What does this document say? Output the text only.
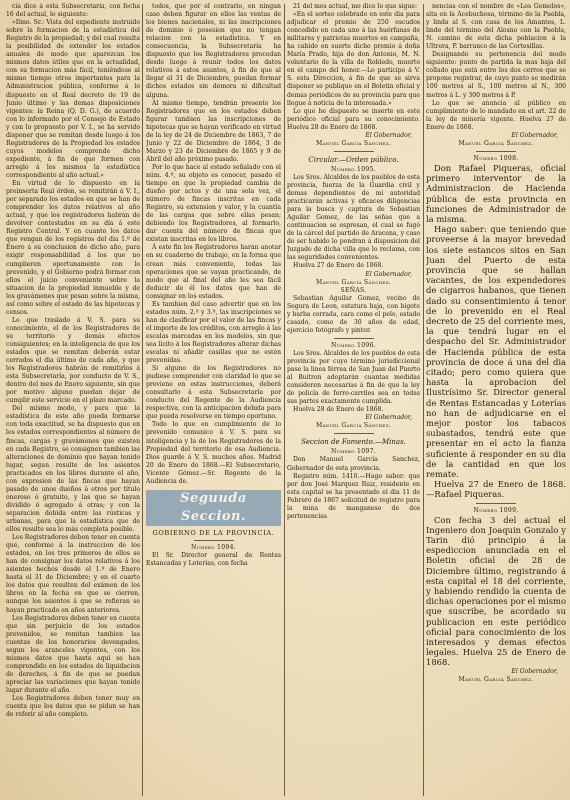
cia dice á esta Subsecretaría, con fecha 16 del actual, lo siguiente:

«Ilmo. Sr.: Vista del expediente instruido sobre la formacion de la estadística del Registro de la propiedad; y del cual resulta la posibilidad de extender los estados anuales de modo que aparezcan los mismos datos útiles que en la actualidad, con su formacion más fácil, teniéndose al mismo tiempo otros importantes para la Administracion pública, conforme á lo dispuesto en el Real decreto de 19 de Junio último y las demas disposiciones vigentes: la Reina (Q. D. G.), de acuerdo con lo informado por el Consejo de Estado y con lo propuesto por V. I., se ha servido disponer que se remitan desde luego á los Registradores de la Propiedad los estados cuyos modelos comprende dicho expediente, á fin de que formen con arreglo á los mismos la estadística correspondiente al año actual.»

En virtud de lo dispuesto en la preinserta Real órden, se remitirán á V. I., por separado los estados en que se han de comprender los datos relativos al año actual, y que los registradores habrán de devolver contestados en su día á este Registro Central. Y en cuanto los datos que vengan de los registros del dia 1.º de Enero á su conclusion de dicho año, para exigir responsabilidad á los que no cumplieren oportunamente con lo prevenido, y el Gobierno podrá formar con ellos el juicio conveniente sobre la situacion de la propiedad inmueble y de los gravámenes que pesan sobre la misma, así como sobre el estado de las hipotecas y censos.

Lo que traslado á V. S. para su conocimiento, el de los Registradores de su territorio y demás efectos consiguientes; en la inteligencia de que los estados que se remitan deberán estar cerrados el dia último de cada año, y que los Registradores habrán de remitirlos á esta Subsecretaría, por conducto de V. S., dentro del mes de Enero siguiente, sin que por motivo alguno puedan dejar de cumplir este servicio en el plazo marcado.

Del mismo modo, y para que la estadística de este año pueda formarse con toda exactitud, se ha dispuesto que en los estados correspondientes al número de fincas, cargas y gravámenes que existen en cada Registro, se consignen tambien las alteraciones de dominio que hayan tenido lugar, segun resulte de los asientos practicados en los libros durante el año, con expresion de las fincas que hayan pasado de unos dueños á otros por título oneroso ó gratuito, y las que se hayan dividido ó agregado á otras; y con la separacion debida entre las rústicas y urbanas, para que la estadística que de ellos resulte sea lo más completa posible.

Los Registradores deben tener en cuenta que, conforme á la instruccion de los estados, en los tres primeros de ellos se han de consignar los datos relativos á los asientos hechos desde el 1.º de Enero hasta el 31 de Diciembre; y en el cuarto los datos que resulten del exámen de los libros en la fecha en que se cierren, aunque los asientos á que se refieran se hayan practicado en años anteriores.

Los Registradores deben tener en cuenta que sin perjuicio de los estados prevenidos, se remitan tambien las cuentas de los honorarios devengados, segun los aranceles vigentes, con los mismos datos que hasta aquí se han comprendido en los estados de liquidacion de derechos, á fin de que se puedan apreciar las variaciones que hayan tenido lugar durante el año.

Los Registradores deben tener muy en cuenta que los datos que se pidan se han de referir al año completo.

todos, que por el contrario, en ningun caso deben figurar en ellos las ventas de los bienes nacionales, ni las inscripciones de dominio ó posesion que no tengan relacion con la estadística. Y en consecuencia, la Subsecretaría ha dispuesto que los Registradores procedan desde luego á reunir todos los datos relativos á estos asuntos, á fin de que al llegar el 31 de Diciembre, puedan formar dichos estados sin demora ni dificultad alguna.

Al mismo tiempo, tendrán presente los Registradores que en los estados deben figurar tambien las inscripciones de hipotecas que se hayan verificado en virtud de la ley de 24 de Diciembre de 1863, 7 de Junio y 22 de Diciembre de 1864, 3 de Marzo y 23 de Diciembre de 1865 y 9 de Abril del año próximo pasado.

Por lo que hace al estado señalado con el núm. 4.º, su objeto es conocer, pasado el tiempo en que la propiedad cambia de dueño por actos y de una sola vez, el número de fincas inscritas en cada Registro, su extension y valor, y la cuantía de las cargas que sobre ellas pesan; debiendo los Registradores, al formarlo, dar cuenta del número de fincas que existan inscritas en los libros.

Á este fin los Registradores harán anotar en su cuaderno de trabajo, en la forma que crean más conveniente, todas las operaciones que se vayan practicando, de modo que al final del año les sea fácil deducir de él los datos que han de consignar en los estados.

Es tambien del caso advertir que en los estados núm. 2.º y 3.º, las inscripciones se han de clasificar por el valor de las fincas y el importe de los créditos, con arreglo á las escalas marcadas en los modelos, sin que sea lícito á los Registradores alterar dichas escalas ni añadir casillas que no estén prevenidas.

Si alguno de los Registradores no pudiese comprender con claridad lo que se previene en estas instrucciones, deberá consultarlo á esta Subsecretaría por conducto del Regente de la Audiencia respectiva, con la anticipacion debida para que pueda resolverse en tiempo oportuno.

Todo lo que en cumplimiento de lo prevenido comunico á V. S. para su inteligencia y la de los Registradores de la Propiedad del territorio de esa Audiencia. Dios guarde á V. S. muchos años. Madrid 20 de Enero de 1868.—El Subsecretario, Vicente Gómez.—Sr. Regente de la Audiencia de.

Seguuda Seccion.
GOBIERNO DE LA PROVINCIA.

Número 1094.

El Sr. Director general de Rentas Estancadas y Loterías, con fecha

21 del mes actual, me dice lo que sigue:

«En el sorteo celebrado en este dia para adjudicar el premio de 250 escudos concedido en cada uno á las huérfanas de militares y patriotas muertos en campaña, ha cabido en suerte dicho premio á doña María Prado, hija de don Antonio, M. N. voluntario de la villa de Robledo, muerto en el campo del honor.—Lo participo á V. S. esta Direccion, á fin de que se sirva disponer se publique en el Boletin oficial y demas periódicos de su provincia para que llegue á noticia de la interesada.»

Lo que he dispuesto se inserte en este periódico oficial para su conocimiento. Huelva 28 de Enero de 1868.

El Gobernador,

Manuel García Sánchez.

Circular.—Orden público.

Número 1095.

Los Sres. Alcaldes de los pueblos de esta provincia, fuerza de la Guardia civil y demas dependientes de mi autoridad practicarán activas y eficaces diligencias para la busca y captura de Sebastian Aguilar Gomez, de las señas que a continuacion se espresan, el cual se fugó de la cárcel del partido de Aracena, y caso de ser habido lo pondran á disposicion del Juzgado de dicha villa que lo reclama, con las seguridades convenientes.

Huelva 27 de Enero de 1868.

El Gobernador,

Manuel García Sánchez.

SEÑAS.

Sebastian Aguilar Gomez, vecino de Segura de Leon, estatura baja, con bigote y barba cerrada, cara como el pelo, estado casado, como de 30 años de edad, ejercicio fotógrafo y pintor.

Número 1096.

Los Sres. Alcaldes de los pueblos de esta provincia por cuyo término jurisdiccional pase la linea férrea de San Juan del Puerto al Buitron adoptarán cuantas medidas consideren necesarias á fin de que la ley de policía de ferro-carriles sea en todas sus partes exactamente cumplida.

Huelva 28 de Enero de 1868.

El Gobernador,

Manuel García Sánchez.

Seccion de Fomento.—Minas.

Número 1097.

Don Manuel García Sanchez, Gobernador de esta provincia.

Registro núm. 1410.—Hago saber: que por don José Marquez Ruiz, residente en esta capital se ha presentado el dia 11 de Febrero de 1867 solicitud de registro para la mina de manganeso de dos pertenencias

nencias con el nombre de «Los Gemelos», sita en la Acebuchosa, término de la Puebla, y linda al S. con casa de los Amantes, L. linde del término del Alosno con la Puebla, N. camino de esta dicha poblacion á la Ultrera, P. barranco de las Cortesillas.

Designando su pertenencia del modo siguiente: punto de partida la mas baja del collado que está entre los dos cerros que se propone registrar, de cuyo punto se medirán 100 metros al S., 100 metros al N., 300 metros á L. y 300 metros á P.

Lo que se anuncia al público en cumplimiento de lo mandado en el art. 22 de la ley de minería vigente. Huelva 27 de Enero de 1868.

El Gobernador,

Manuel García Sánchez.

Número 1098.

Don Rafael Piqueras, oficial primero interventor de la Administracion de Hacienda pública de esta provincia en funciones de Administrador de la misma.

Hago saber: que teniendo que proveerse á la mayor brevedad los siete estancos sitos en San Juan del Puerto de esta provincia que se hallan vacantes, de los expendedores de cigarros habanos, que tienen dado su consentimiento á tenor de lo prevenido en el Real decreto de 25 del corriente mes, la que tendrá lugar en el despacho del Sr. Administrador de Hacienda pública de esta provincia de doce á una del dia citado; pero como quiera que hasta la aprobacion del Ilustrísimo Sr. Director general de Rentas Estancadas y Loterías no han de adjudicarse en el mejor postor los tabacos subastados, tendrá este que presentar en el acto la fianza suficiente á responder en su dia de la cantidad en que los remate.

Huelva 27 de Enero de 1868.—Rafael Piqueras.

Número 1099.

Con fecha 3 del actual el Ingeniero don Joaquin Gonzalo y Tarin dió principio á la espediccion anunciada en el Boletin oficial de 28 de Diciembre último, registrando á esta capital el 18 del corriente, y habiendo rendido la cuenta de dichas operaciones por el mismo que suscribe, he acordado su publicacion en este periódico oficial para conocimiento de los interesados y demas efectos legales. Huelva 25 de Enero de 1868.

El Gobernador,

Manuel García Sánchez.
